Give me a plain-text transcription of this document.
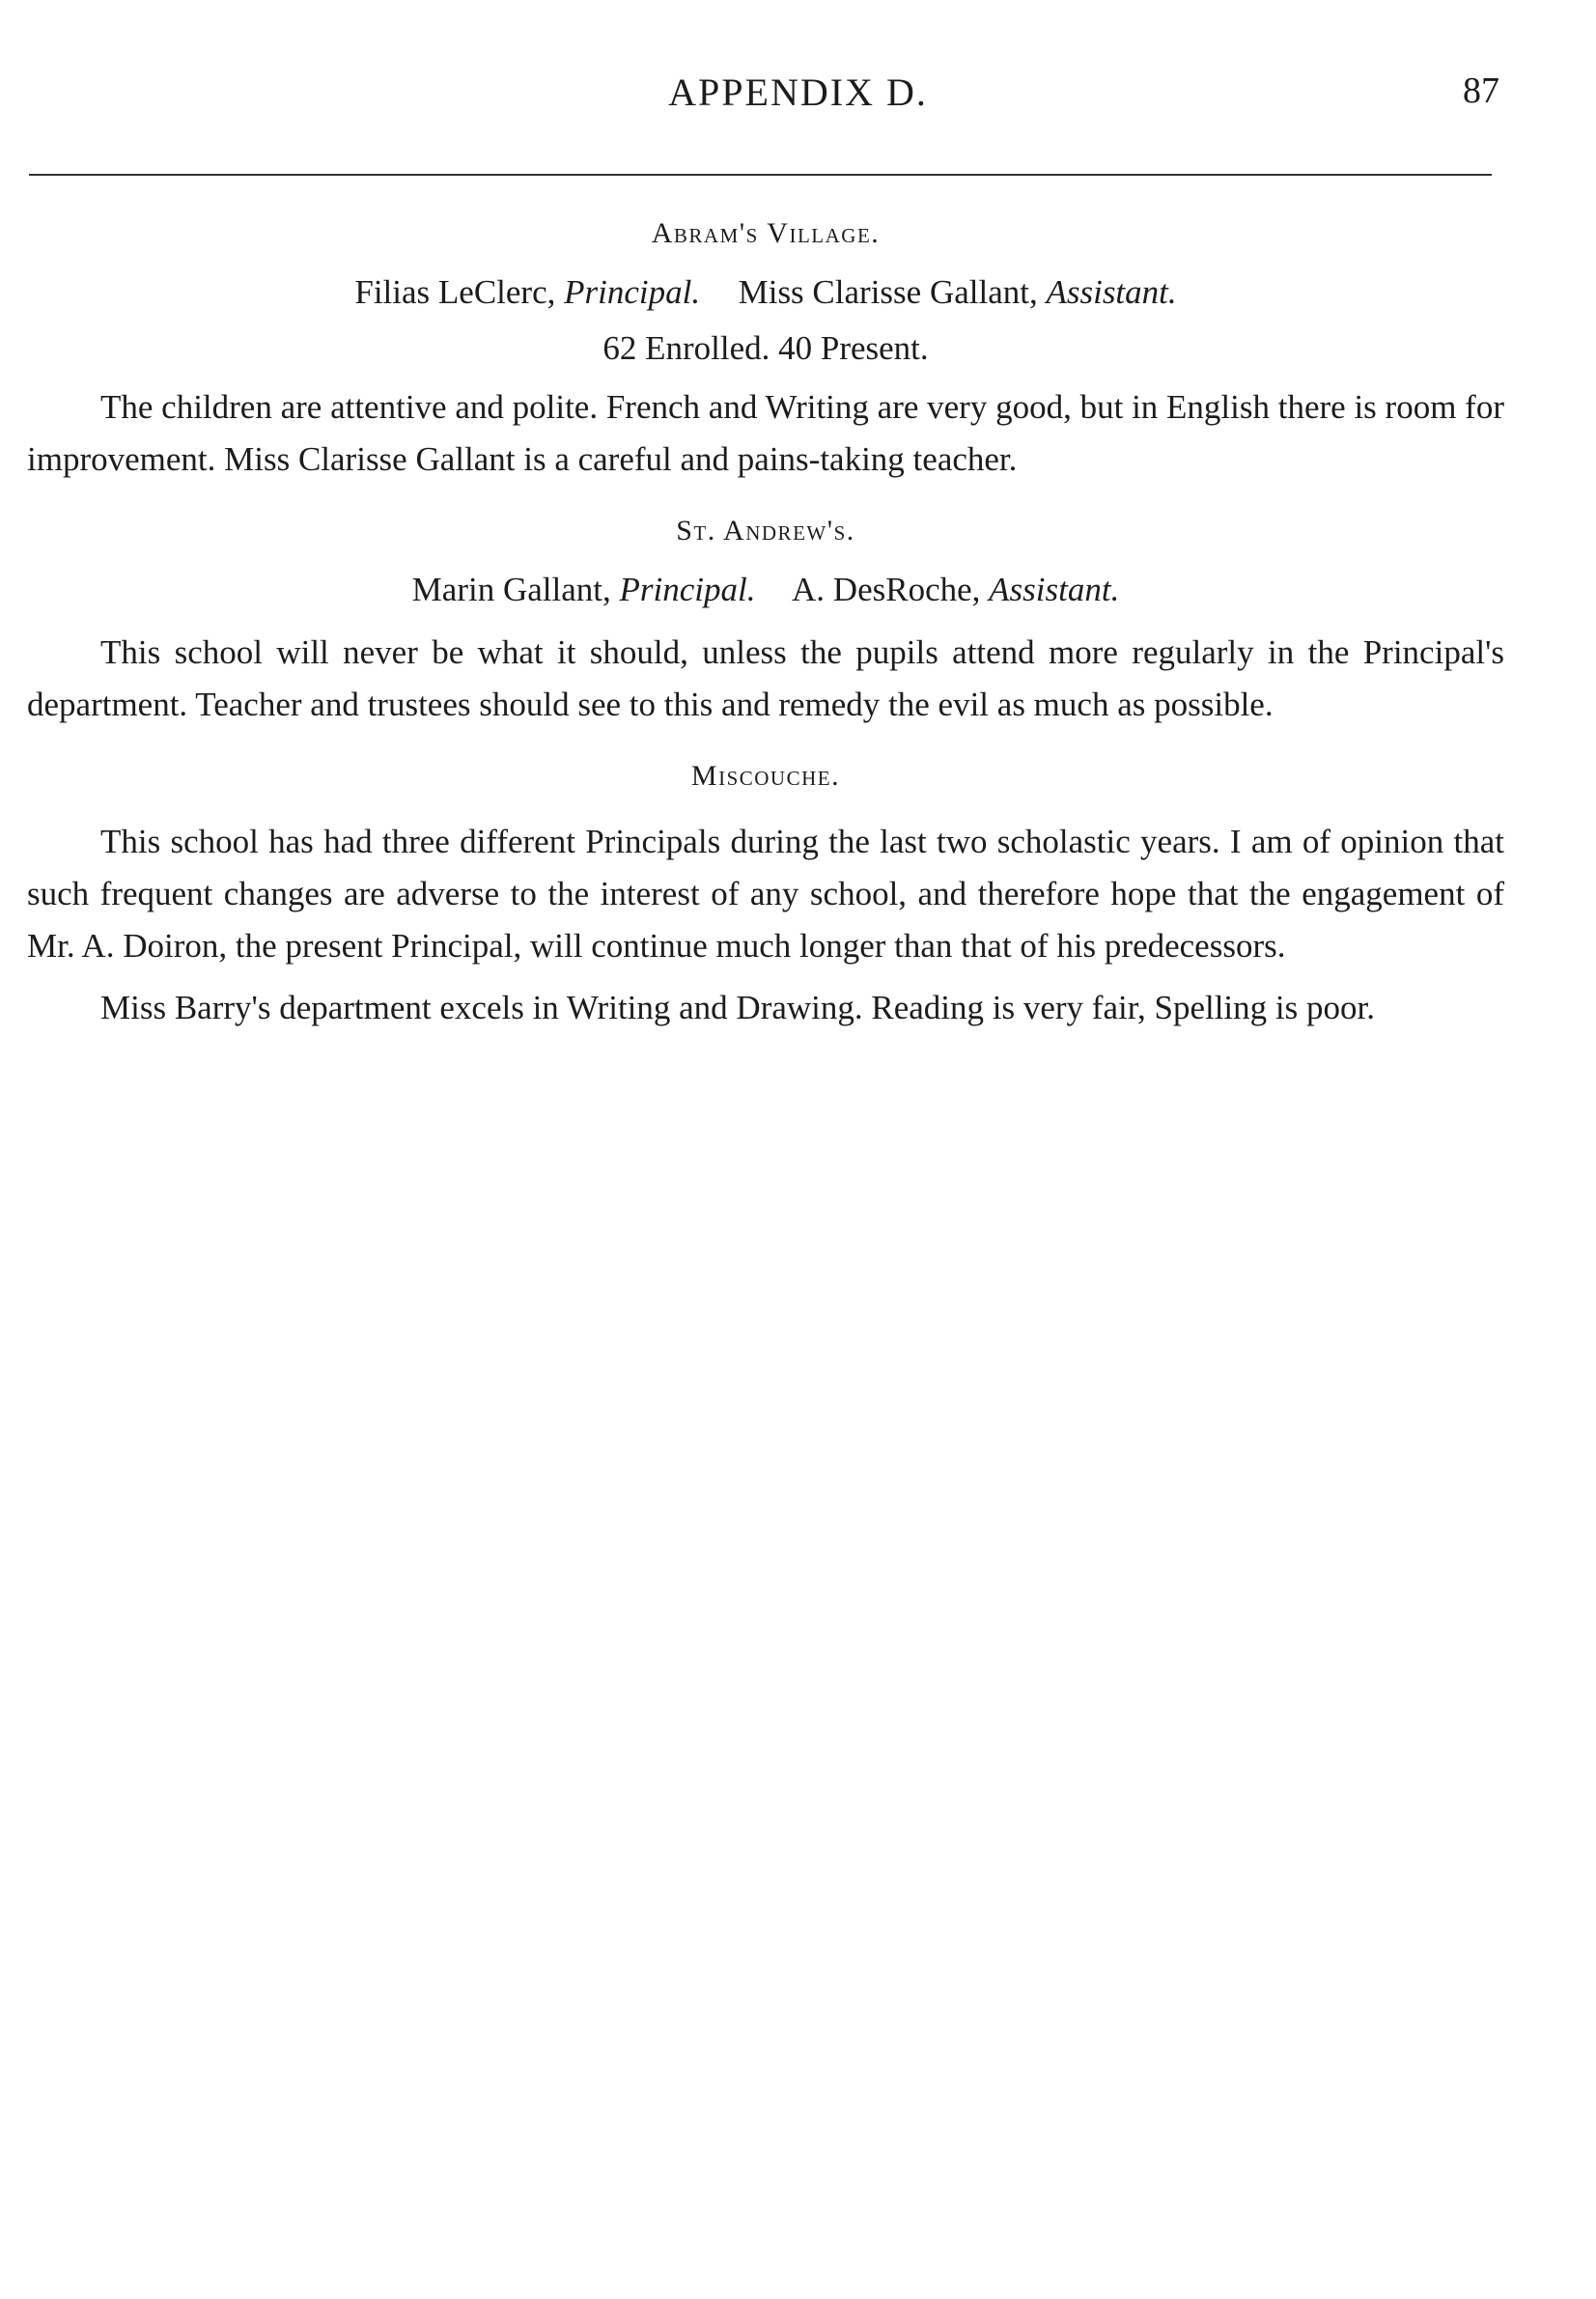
APPENDIX D.	87
Abram's Village.
Filias LeClerc, Principal. Miss Clarisse Gallant, Assistant.
62 Enrolled. 40 Present.

The children are attentive and polite. French and Writing are very good, but in English there is room for improvement. Miss Clarisse Gallant is a careful and pains-taking teacher.

St. Andrew's.
Marin Gallant, Principal. A. DesRoche, Assistant.

This school will never be what it should, unless the pupils attend more regularly in the Principal's department. Teacher and trustees should see to this and remedy the evil as much as possible.

Miscouche.

This school has had three different Principals during the last two scholastic years. I am of opinion that such frequent changes are adverse to the interest of any school, and therefore hope that the engagement of Mr. A. Doiron, the present Principal, will continue much longer than that of his predecessors.

Miss Barry's department excels in Writing and Drawing. Reading is very fair, Spelling is poor.
